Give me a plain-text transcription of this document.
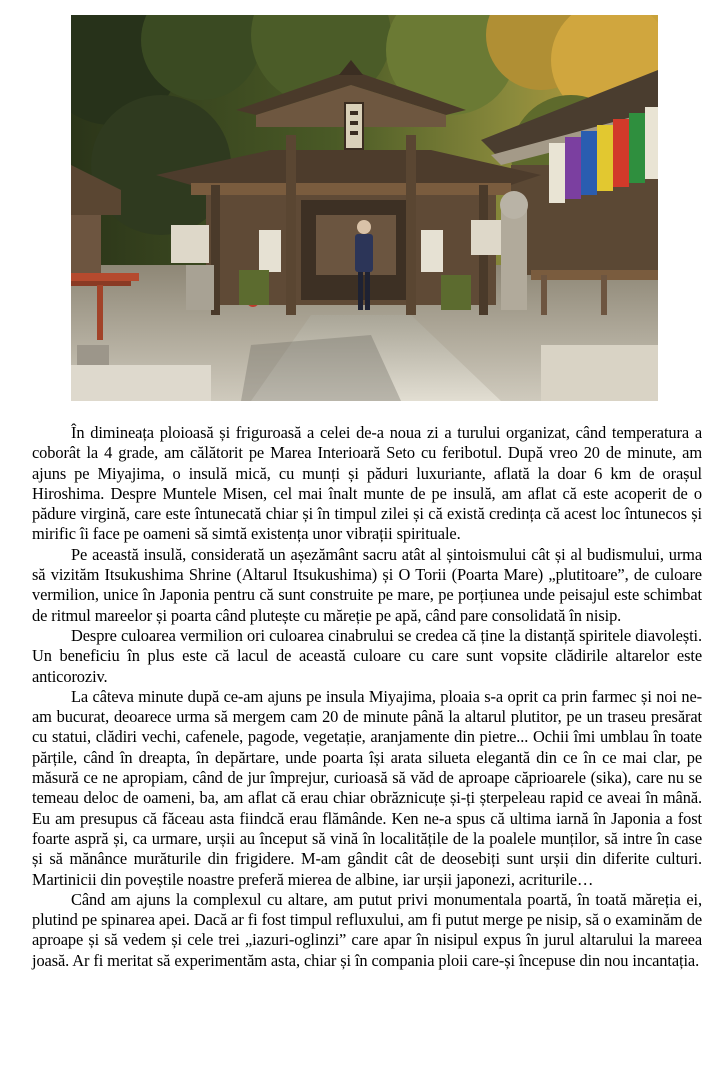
În dimineața ploioasă și friguroasă a celei de-a noua zi a turului organizat, când temperatura a coborât la 4 grade, am călătorit pe Marea Interioară Seto cu feribotul. După vreo 20 de minute, am ajuns pe Miyajima, o insulă mică, cu munți și păduri luxuriante, aflată la doar 6 km de orașul Hiroshima. Despre Muntele Misen, cel mai înalt munte de pe insulă, am aflat că este acoperit de o pădure virgină, care este întunecată chiar și în timpul zilei și că există credința că acest loc întunecos și mirific îi face pe oameni să simtă existența unor vibrații spirituale.

Pe această insulă, considerată un așezământ sacru atât al șintoismului cât și al budismului, urma să vizităm Itsukushima Shrine (Altarul Itsukushima) și O Torii (Poarta Mare) „plutitoare”, de culoare vermilion, unice în Japonia pentru că sunt construite pe mare, pe porțiunea unde peisajul este schimbat de ritmul mareelor și poarta când plutește cu măreție pe apă, când pare consolidată în nisip.

Despre culoarea vermilion ori culoarea cinabrului se credea că ține la distanță spiritele diavolești. Un beneficiu în plus este că lacul de această culoare cu care sunt vopsite clădirile altarelor este anticoroziv.

La câteva minute după ce-am ajuns pe insula Miyajima, ploaia s-a oprit ca prin farmec și noi ne-am bucurat, deoarece urma să mergem cam 20 de minute până la altarul plutitor, pe un traseu presărat cu statui, clădiri vechi, cafenele, pagode, vegetație, aranjamente din pietre... Ochii îmi umblau în toate părțile, când în dreapta, în depărtare, unde poarta își arata silueta elegantă din ce în ce mai clar, pe măsură ce ne apropiam, când de jur împrejur, curioasă să văd de aproape căprioarele (sika), care nu se temeau deloc de oameni, ba, am aflat că erau chiar obrăznicuțe și-ți șterpeleau rapid ce aveai în mână. Eu am presupus că făceau asta fiindcă erau flămânde. Ken ne-a spus că ultima iarnă în Japonia a fost foarte aspră și, ca urmare, urșii au început să vină în localitățile de la poalele munților, să intre în case și să mănânce murăturile din frigidere. M-am gândit cât de deosebiți sunt urșii din diferite culturi. Martinicii din poveștile noastre preferă mierea de albine, iar urșii japonezi, acriturile…

Când am ajuns la complexul cu altare, am putut privi monumentala poartă, în toată măreția ei, plutind pe spinarea apei. Dacă ar fi fost timpul refluxului, am fi putut merge pe nisip, să o examinăm de aproape și să vedem și cele trei „iazuri-oglinzi” care apar în nisipul expus în jurul altarului la mareea joasă. Ar fi meritat să experimentăm asta, chiar și în compania ploii care-și începuse din nou incantația.
